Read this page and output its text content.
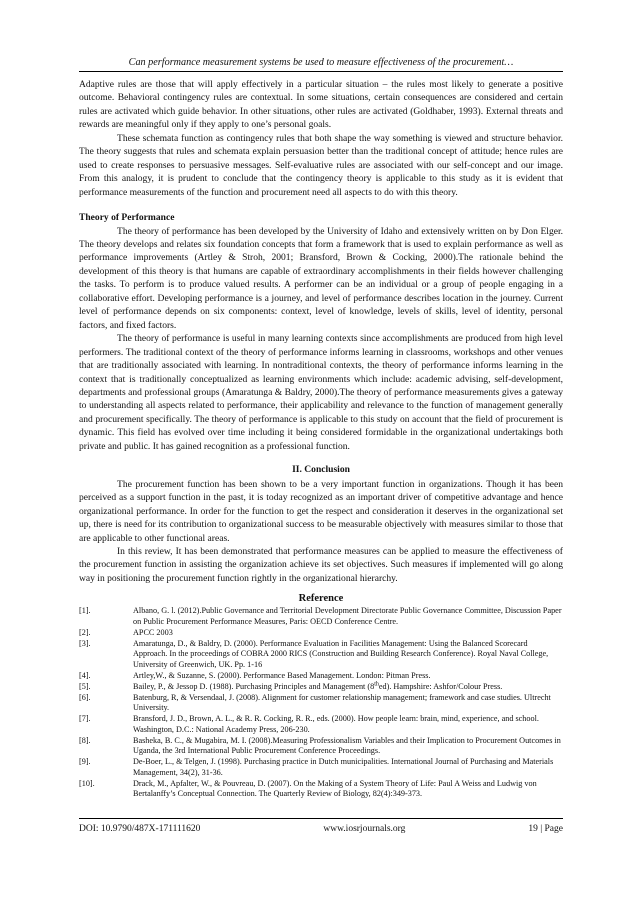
Can performance measurement systems be used to measure effectiveness of the procurement…

Adaptive rules are those that will apply effectively in a particular situation – the rules most likely to generate a positive outcome. Behavioral contingency rules are contextual. In some situations, certain consequences are considered and certain rules are activated which guide behavior. In other situations, other rules are activated (Goldhaber, 1993). External threats and rewards are meaningful only if they apply to one’s personal goals.

These schemata function as contingency rules that both shape the way something is viewed and structure behavior. The theory suggests that rules and schemata explain persuasion better than the traditional concept of attitude; hence rules are used to create responses to persuasive messages. Self-evaluative rules are associated with our self-concept and our image. From this analogy, it is prudent to conclude that the contingency theory is applicable to this study as it is evident that performance measurements of the function and procurement need all aspects to do with this theory.

Theory of Performance

The theory of performance has been developed by the University of Idaho and extensively written on by Don Elger. The theory develops and relates six foundation concepts that form a framework that is used to explain performance as well as performance improvements (Artley & Stroh, 2001; Bransford, Brown & Cocking, 2000).The rationale behind the development of this theory is that humans are capable of extraordinary accomplishments in their fields however challenging the tasks. To perform is to produce valued results. A performer can be an individual or a group of people engaging in a collaborative effort. Developing performance is a journey, and level of performance describes location in the journey. Current level of performance depends on six components: context, level of knowledge, levels of skills, level of identity, personal factors, and fixed factors.

The theory of performance is useful in many learning contexts since accomplishments are produced from high level performers. The traditional context of the theory of performance informs learning in classrooms, workshops and other venues that are traditionally associated with learning. In nontraditional contexts, the theory of performance informs learning in the context that is traditionally conceptualized as learning environments which include: academic advising, self-development, departments and professional groups (Amaratunga & Baldry, 2000).The theory of performance measurements gives a gateway to understanding all aspects related to performance, their applicability and relevance to the function of management generally and procurement specifically. The theory of performance is applicable to this study on account that the field of procurement is dynamic. This field has evolved over time including it being considered formidable in the organizational undertakings both private and public. It has gained recognition as a professional function.

II. Conclusion

The procurement function has been shown to be a very important function in organizations. Though it has been perceived as a support function in the past, it is today recognized as an important driver of competitive advantage and hence organizational performance. In order for the function to get the respect and consideration it deserves in the organizational set up, there is need for its contribution to organizational success to be measurable objectively with measures similar to those that are applicable to other functional areas.

In this review, It has been demonstrated that performance measures can be applied to measure the effectiveness of the procurement function in assisting the organization achieve its set objectives. Such measures if implemented will go along way in positioning the procurement function rightly in the organizational hierarchy.

Reference
[1].	Albano, G. l. (2012).Public Governance and Territorial Development Directorate Public Governance Committee, Discussion Paper on Public Procurement Performance Measures, Paris: OECD Conference Centre.
[2].	APCC 2003
[3].	Amaratunga, D., & Baldry, D. (2000). Performance Evaluation in Facilities Management: Using the Balanced Scorecard Approach. In the proceedings of COBRA 2000 RICS (Construction and Building Research Conference). Royal Naval College, University of Greenwich, UK. Pp. 1-16
[4].	Artley,W., & Suzanne, S. (2000). Performance Based Management. London: Pitman Press.
[5].	Bailey, P., & Jessop D. (1988). Purchasing Principles and Management (8thed). Hampshire: Ashfor/Colour Press.
[6].	Batenburg, R, & Versendaal, J. (2008). Alignment for customer relationship management; framework and case studies. Ultrecht University.
[7].	Bransford, J. D., Brown, A. L., & R. R. Cocking, R. R., eds. (2000). How people learn: brain, mind, experience, and school. Washington, D.C.: National Academy Press, 206-230.
[8].	Basheka, B. C., & Mugabira, M. I. (2008).Measuring Professionalism Variables and their Implication to Procurement Outcomes in Uganda, the 3rd International Public Procurement Conference Proceedings.
[9].	De-Boer, L., & Telgen, J. (1998). Purchasing practice in Dutch municipalities. International Journal of Purchasing and Materials Management, 34(2), 31-36.
[10].	Drack, M., Apfalter, W., & Pouvreau, D. (2007). On the Making of a System Theory of Life: Paul A Weiss and Ludwig von Bertalanffy’s Conceptual Connection. The Quarterly Review of Biology, 82(4):349-373.
DOI: 10.9790/487X-171111620	www.iosrjournals.org	19 | Page
